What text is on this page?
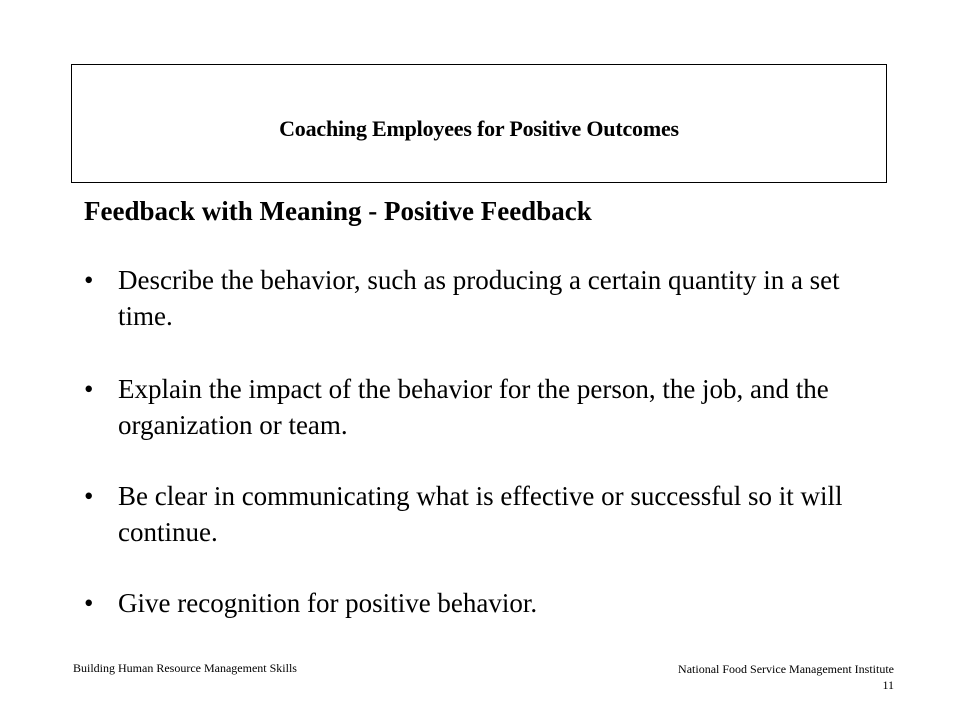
Coaching Employees for Positive Outcomes
Feedback with Meaning - Positive Feedback
• Describe the behavior, such as producing a certain quantity in a set time.
• Explain the impact of the behavior for the person, the job, and the organization or team.
• Be clear in communicating what is effective or successful so it will continue.
• Give recognition for positive behavior.
Building Human Resource Management Skills	National Food Service Management Institute
11
